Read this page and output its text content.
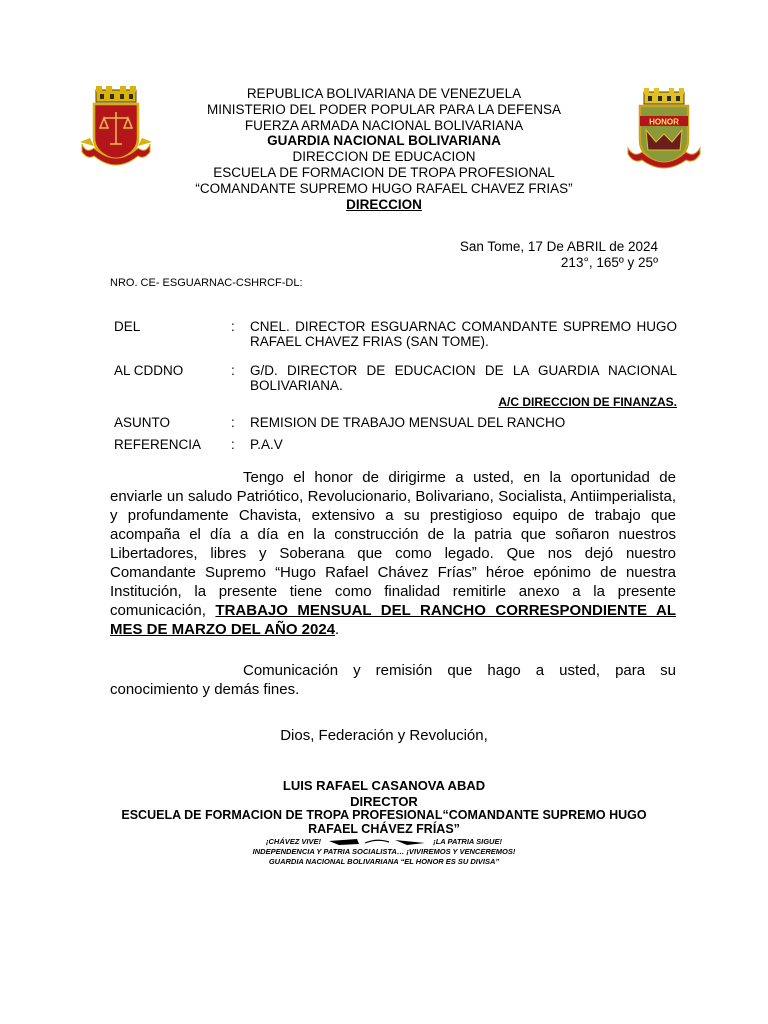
HONOR
REPUBLICA BOLIVARIANA DE VENEZUELA
MINISTERIO DEL PODER POPULAR PARA LA DEFENSA
FUERZA ARMADA NACIONAL BOLIVARIANA
GUARDIA NACIONAL BOLIVARIANA
DIRECCION DE EDUCACION
ESCUELA DE FORMACION DE TROPA PROFESIONAL
“COMANDANTE SUPREMO HUGO RAFAEL CHAVEZ FRIAS”
DIRECCION
San Tome, 17 De ABRIL de 2024
213°, 165º y 25º
NRO. CE- ESGUARNAC-CSHRCF-DL:
DEL	: CNEL. DIRECTOR ESGUARNAC COMANDANTE SUPREMO HUGO RAFAEL CHAVEZ FRIAS (SAN TOME).
AL CDDNO	: G/D. DIRECTOR DE EDUCACION DE LA GUARDIA NACIONAL BOLIVARIANA.
A/C DIRECCION DE FINANZAS.
ASUNTO	: REMISION DE TRABAJO MENSUAL DEL RANCHO
REFERENCIA : P.A.V
Tengo el honor de dirigirme a usted, en la oportunidad de enviarle un saludo Patriótico, Revolucionario, Bolivariano, Socialista, Antiimperialista, y profundamente Chavista, extensivo a su prestigioso equipo de trabajo que acompaña el día a día en la construcción de la patria que soñaron nuestros Libertadores, libres y Soberana que como legado. Que nos dejó nuestro Comandante Supremo “Hugo Rafael Chávez Frías” héroe epónimo de nuestra Institución, la presente tiene como finalidad remitirle anexo a la presente comunicación, TRABAJO MENSUAL DEL RANCHO CORRESPONDIENTE AL MES DE MARZO DEL AÑO 2024.
Comunicación y remisión que hago a usted, para su conocimiento y demás fines.
Dios, Federación y Revolución,
LUIS RAFAEL CASANOVA ABAD
DIRECTOR
ESCUELA DE FORMACION DE TROPA PROFESIONAL“COMANDANTE SUPREMO HUGO RAFAEL CHÁVEZ FRÍAS”
¡CHÁVEZ VIVE!	¡LA PATRIA SIGUE!
INDEPENDENCIA Y PATRIA SOCIALISTA… ¡VIVIREMOS Y VENCEREMOS!
GUARDIA NACIONAL BOLIVARIANA “EL HONOR ES SU DIVISA”
